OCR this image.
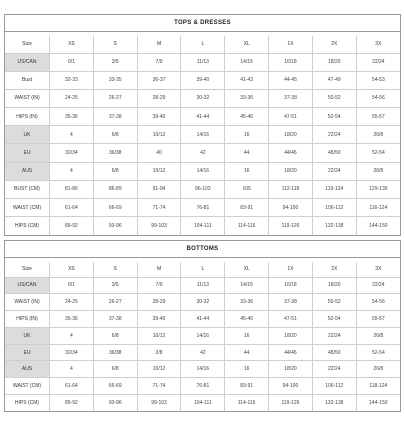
TOPS & DRESSES
Size	XS	S	M	L	XL	1X	2X	3X
US/CAN	0/1	3/5	7/9	11/13	14/15	16/18	18/20	22/24
Bust	32-33	33-35	36-37	39-40	41-43	44-45	47-49	54-53
WAIST (IN)	24-25	26-27	28-29	30-32	33-36	37-38	50-52	54-56
HIPS (IN)	35-36	37-38	39-40	41-44	45-46	47-51	52-54	55-57
UK	4	6/8	10/12	14/16	16	18/20	22/24	26/8
EU	32/34	36/38	40	42	44	44/46	48/50	52-54
AUS	4	6/8	10/12	14/16	16	18/20	22/24	26/8
BUST (CM)	81-86	86-89	91-94	96-102	105	112-118	119-124	129-135
WAIST (CM)	61-64	66-69	71-74	76-81	83-91	94-100	106-112	116-124
HIPS (CM)	89-92	93-96	99-103	104-111	114-116	119-126	132-138	144-150
BOTTOMS
Size	XS	S	M	L	XL	1X	2X	3X
US/CAN	0/1	3/5	7/9	11/13	14/15	16/18	18/20	22/24
WAIST (IN)	24-25	26-27	28-29	30-32	33-36	37-38	50-52	54-56
HIPS (IN)	35-36	37-38	39-40	41-44	45-46	47-51	52-54	55-57
UK	4	6/8	10/12	14/16	16	18/20	22/24	26/8
EU	32/34	36/38	2/8	42	44	44/46	48/50	52-54
AUS	4	6/8	10/12	14/16	16	18/20	22/24	26/8
WAIST (CM)	61-64	66-69	71-74	76-81	83-91	94-100	106-112	118-124
HIPS (CM)	89-92	93-96	99-103	104-111	114-116	119-126	132-138	144-150
